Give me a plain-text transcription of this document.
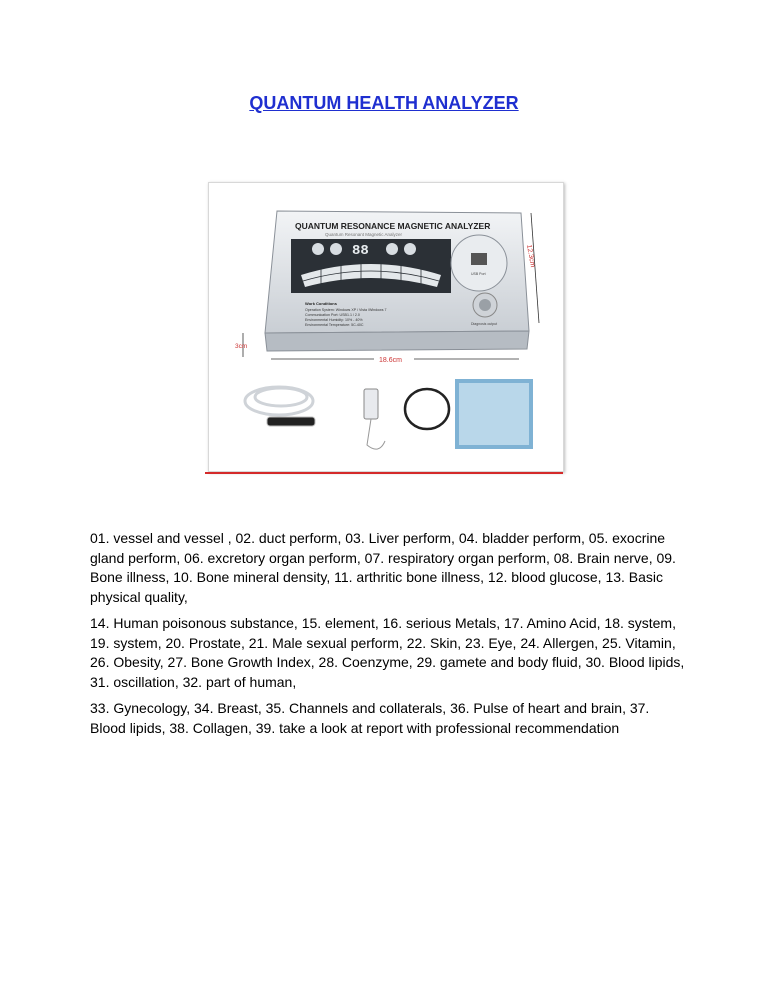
QUANTUM HEALTH ANALYZER
QUANTUM RESONANCE MAGNETIC ANALYZER
Quantum Resonant Magnetic Analyzer
88
USB Port
Diagnosis output
Work Conditions
Operation System: Windows XP / Vista /Windows 7
Communication Port: USB1.1 / 2.0
Environmental Humidity: 10% - 40%
Environmental Temperature: 5C-40C
18.6cm
12.3cm
3cm

01. vessel and vessel , 02. duct perform, 03. Liver perform, 04. bladder perform, 05. exocrine gland perform, 06. excretory organ perform, 07. respiratory organ perform, 08. Brain nerve, 09. Bone illness, 10. Bone mineral density, 11. arthritic bone illness, 12. blood glucose, 13. Basic physical quality,

14. Human poisonous substance, 15. element, 16. serious Metals, 17. Amino Acid, 18. system, 19. system, 20. Prostate, 21. Male sexual perform, 22. Skin, 23. Eye, 24. Allergen, 25. Vitamin, 26. Obesity, 27. Bone Growth Index, 28. Coenzyme, 29. gamete and body fluid, 30. Blood lipids, 31. oscillation, 32. part of human,

33. Gynecology, 34. Breast, 35. Channels and collaterals, 36. Pulse of heart and brain, 37. Blood lipids, 38. Collagen, 39. take a look at report with professional recommendation
